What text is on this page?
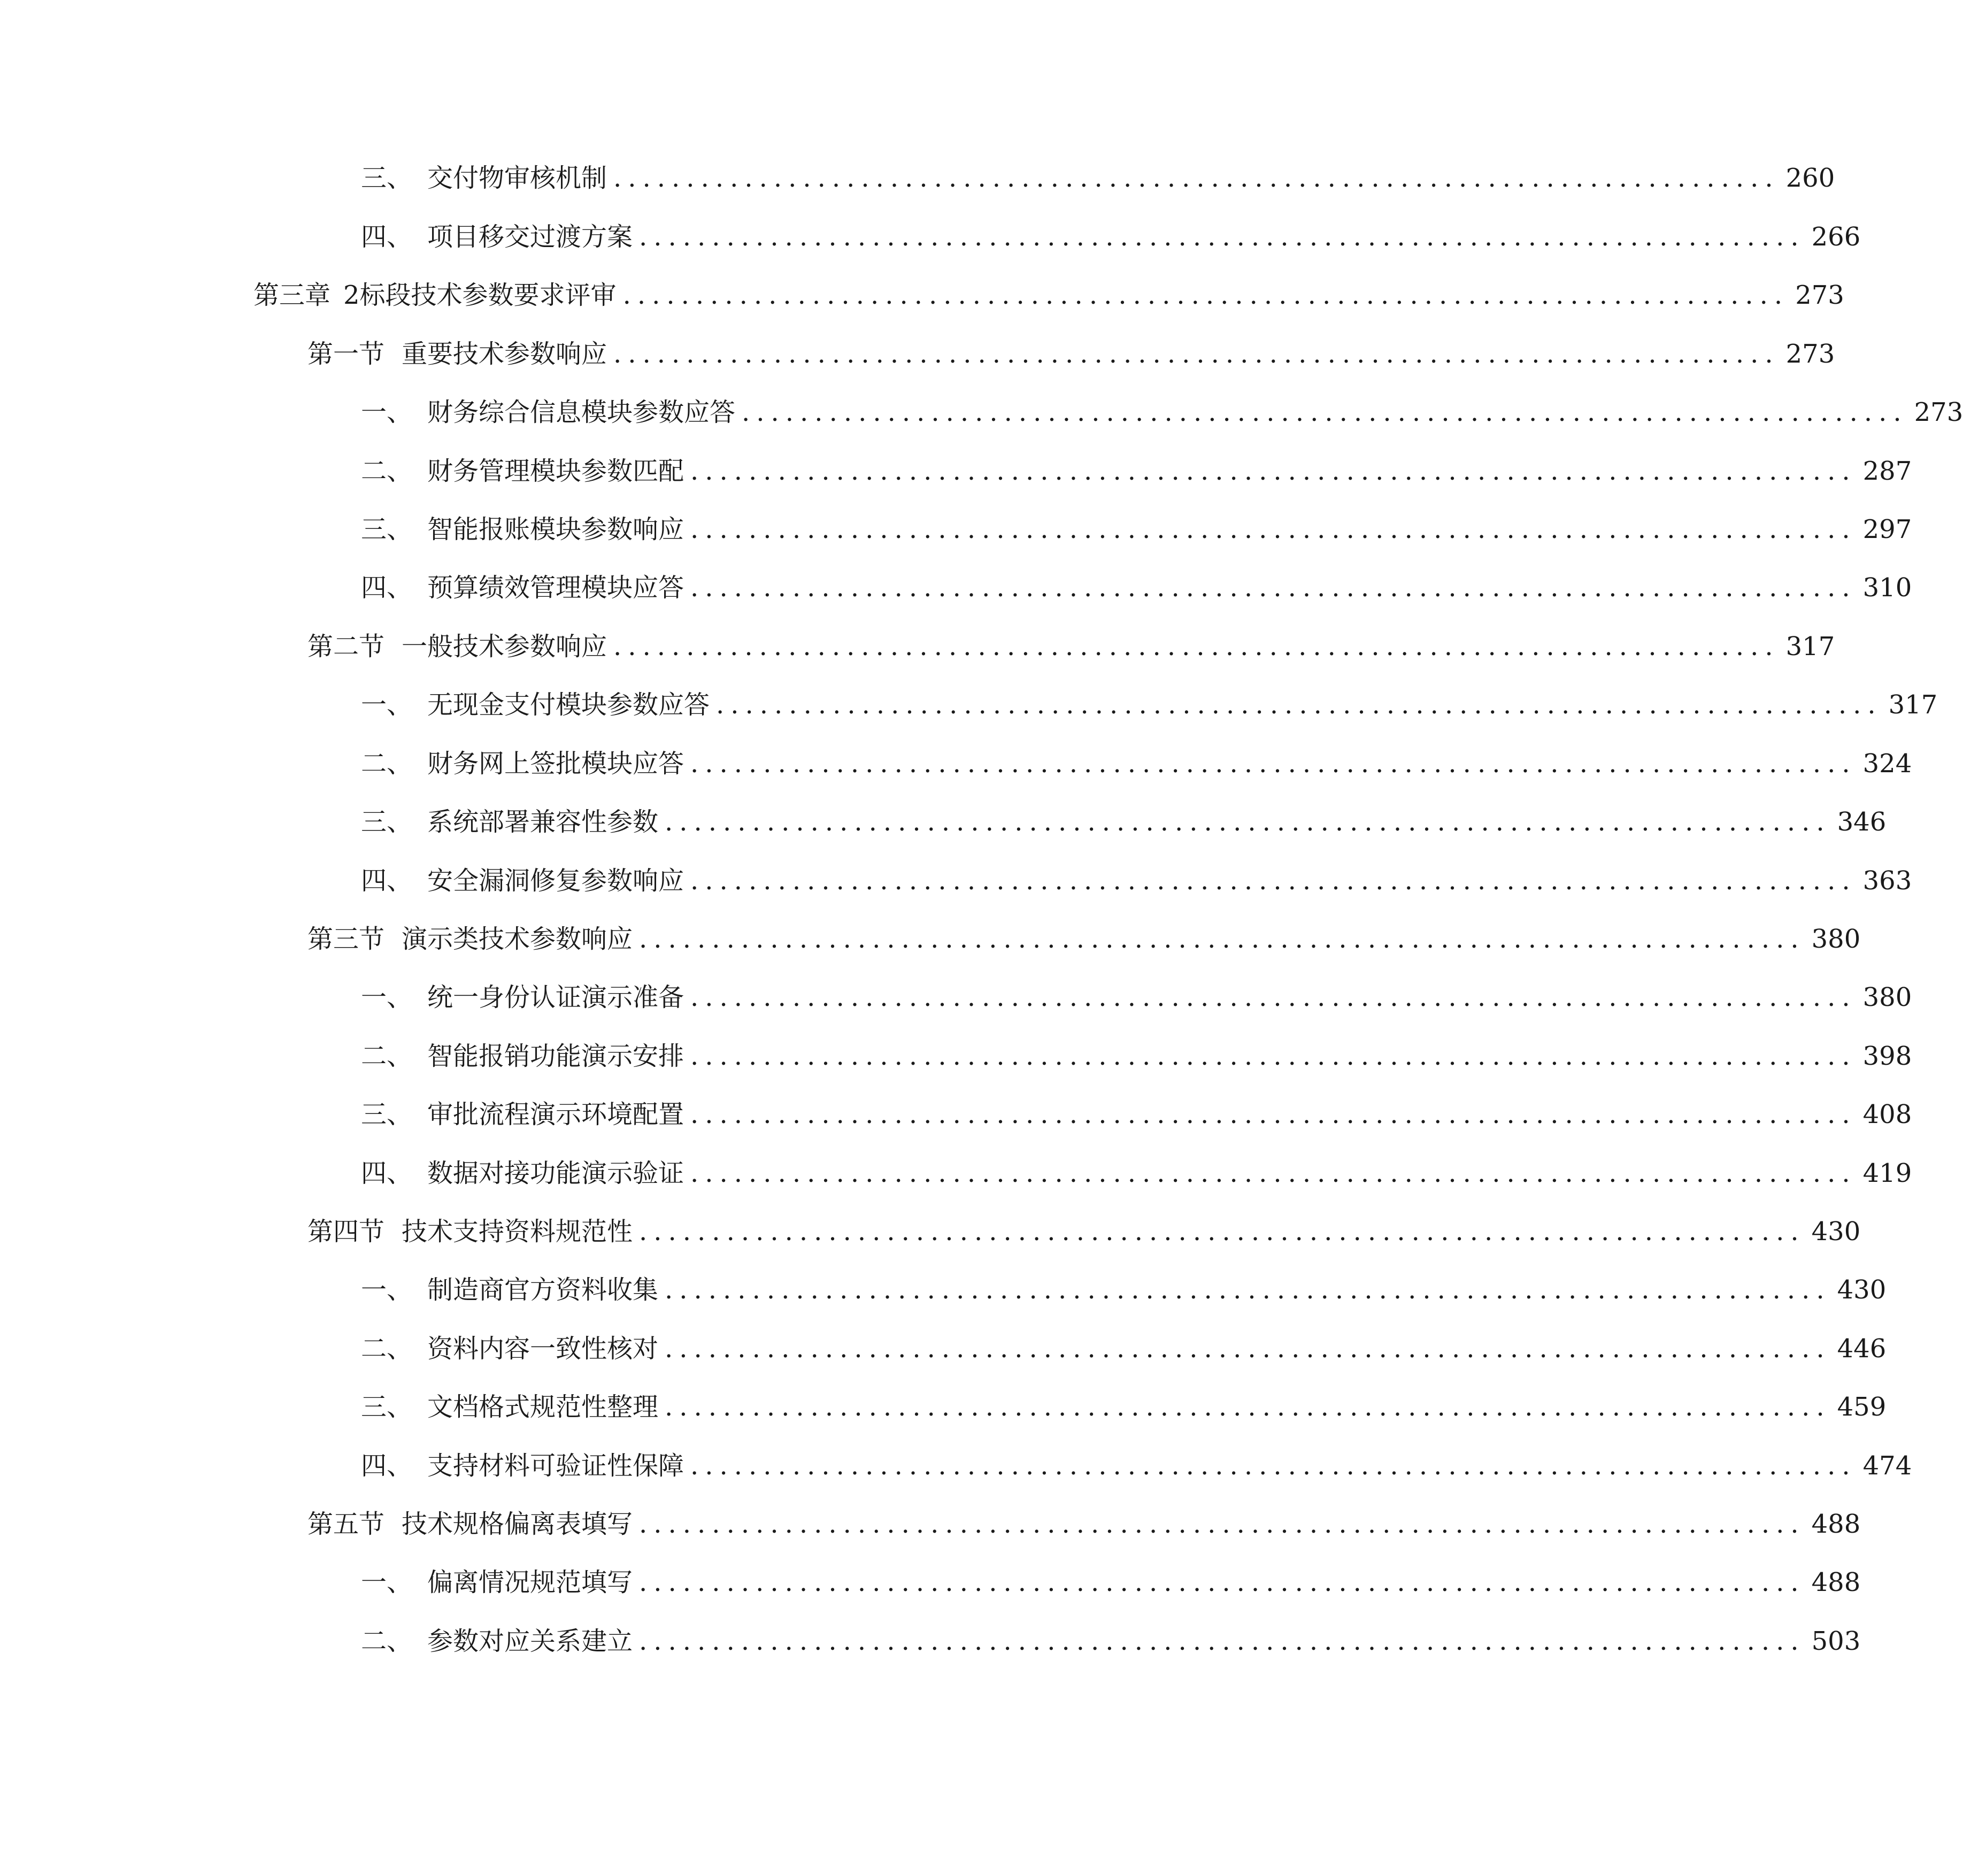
三、 交付物审核机制 ................................................................................ 260
四、 项目移交过渡方案 ................................................................................ 266
第三章 2标段技术参数要求评审 ................................................................................ 273
第一节 重要技术参数响应 ................................................................................ 273
一、 财务综合信息模块参数应答 ................................................................................ 273
二、 财务管理模块参数匹配 ................................................................................ 287
三、 智能报账模块参数响应 ................................................................................ 297
四、 预算绩效管理模块应答 ................................................................................ 310
第二节 一般技术参数响应 ................................................................................ 317
一、 无现金支付模块参数应答 ................................................................................ 317
二、 财务网上签批模块应答 ................................................................................ 324
三、 系统部署兼容性参数 ................................................................................ 346
四、 安全漏洞修复参数响应 ................................................................................ 363
第三节 演示类技术参数响应 ................................................................................ 380
一、 统一身份认证演示准备 ................................................................................ 380
二、 智能报销功能演示安排 ................................................................................ 398
三、 审批流程演示环境配置 ................................................................................ 408
四、 数据对接功能演示验证 ................................................................................ 419
第四节 技术支持资料规范性 ................................................................................ 430
一、 制造商官方资料收集 ................................................................................ 430
二、 资料内容一致性核对 ................................................................................ 446
三、 文档格式规范性整理 ................................................................................ 459
四、 支持材料可验证性保障 ................................................................................ 474
第五节 技术规格偏离表填写 ................................................................................ 488
一、 偏离情况规范填写 ................................................................................ 488
二、 参数对应关系建立 ................................................................................ 503
